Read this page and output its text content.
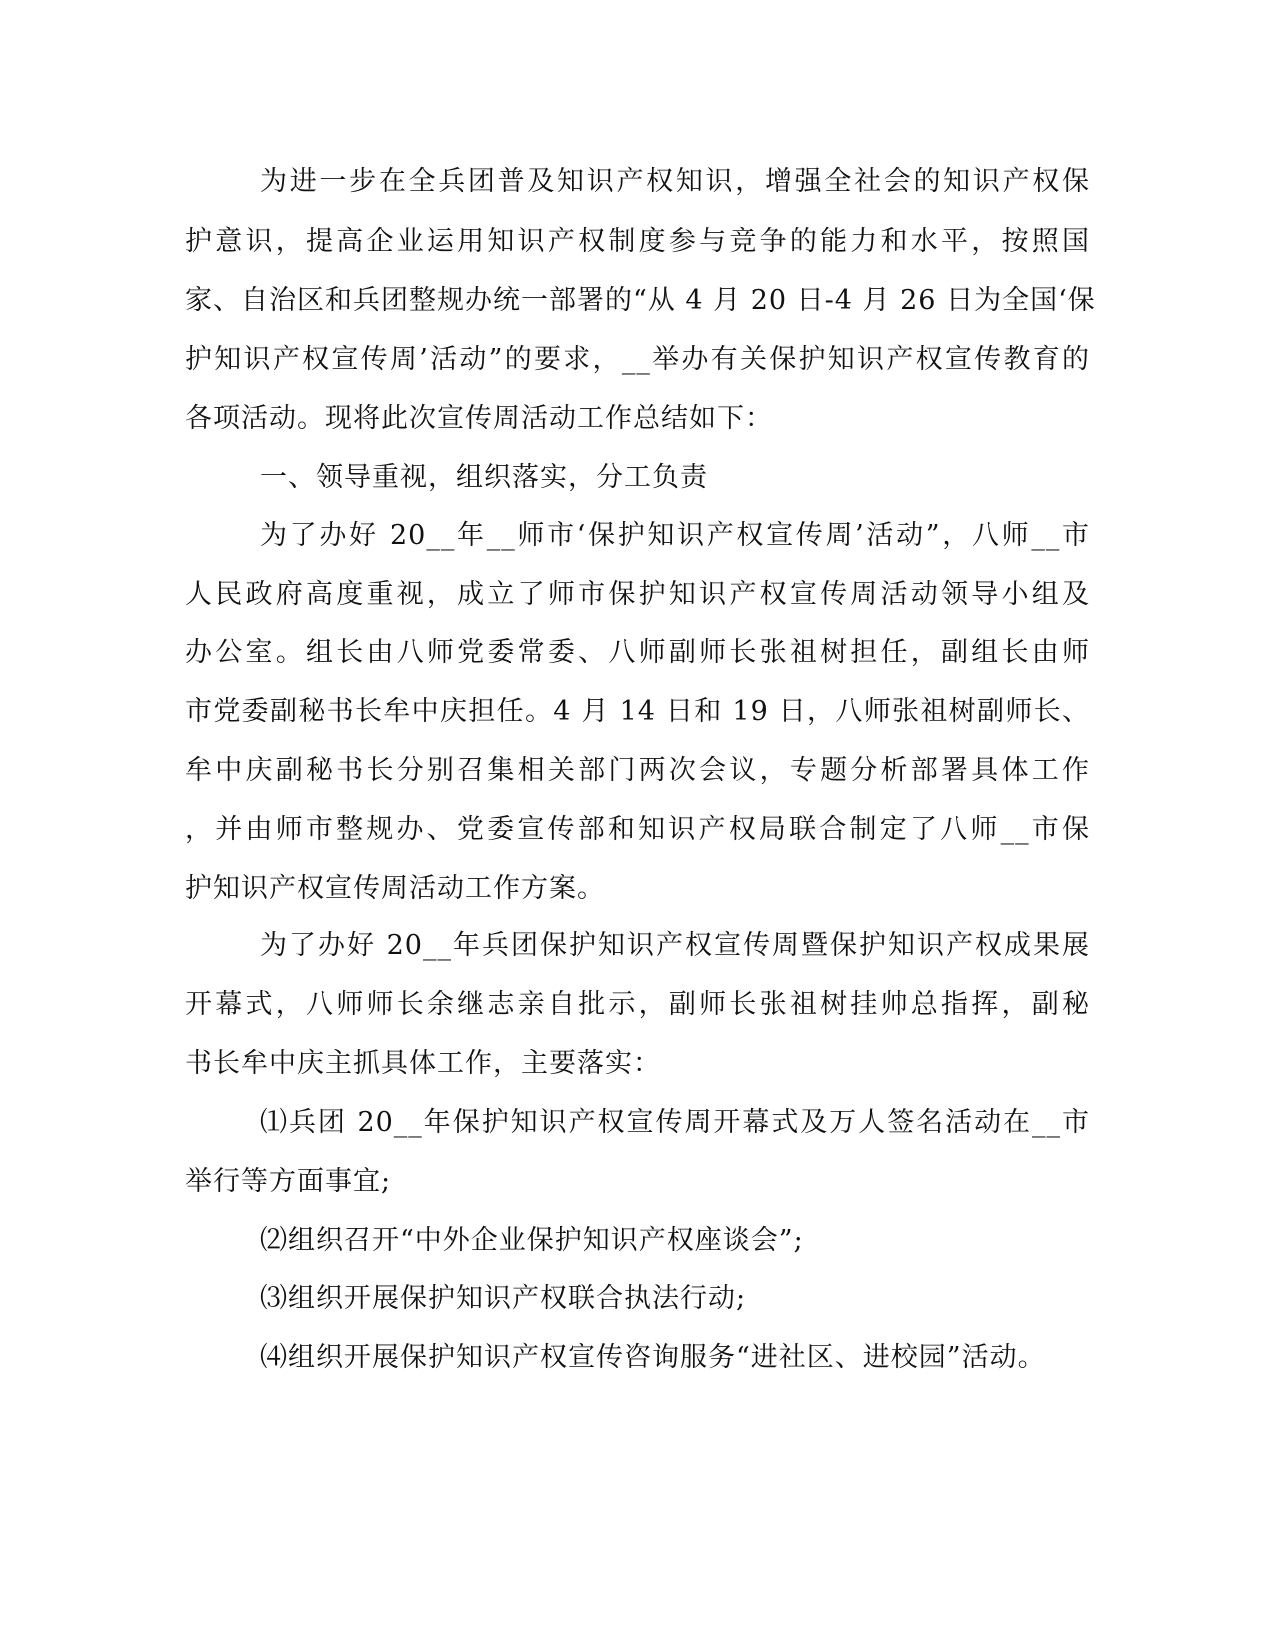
为进一步在全兵团普及知识产权知识，增强全社会的知识产权保
护意识，提高企业运用知识产权制度参与竞争的能力和水平，按照国
家、自治区和兵团整规办统一部署的“从 4 月 20 日-4 月 26 日为全国‘保
护知识产权宣传周’活动”的要求，__举办有关保护知识产权宣传教育的
各项活动。现将此次宣传周活动工作总结如下：
一、领导重视，组织落实，分工负责
为了办好 20__年__师市‘保护知识产权宣传周’活动”，八师__市
人民政府高度重视，成立了师市保护知识产权宣传周活动领导小组及
办公室。组长由八师党委常委、八师副师长张祖树担任，副组长由师
市党委副秘书长牟中庆担任。4 月 14 日和 19 日，八师张祖树副师长、
牟中庆副秘书长分别召集相关部门两次会议，专题分析部署具体工作
，并由师市整规办、党委宣传部和知识产权局联合制定了八师__市保
护知识产权宣传周活动工作方案。
为了办好 20__年兵团保护知识产权宣传周暨保护知识产权成果展
开幕式，八师师长余继志亲自批示，副师长张祖树挂帅总指挥，副秘
书长牟中庆主抓具体工作，主要落实：
⑴兵团 20__年保护知识产权宣传周开幕式及万人签名活动在__市
举行等方面事宜;
⑵组织召开“中外企业保护知识产权座谈会”;
⑶组织开展保护知识产权联合执法行动;
⑷组织开展保护知识产权宣传咨询服务“进社区、进校园”活动。
